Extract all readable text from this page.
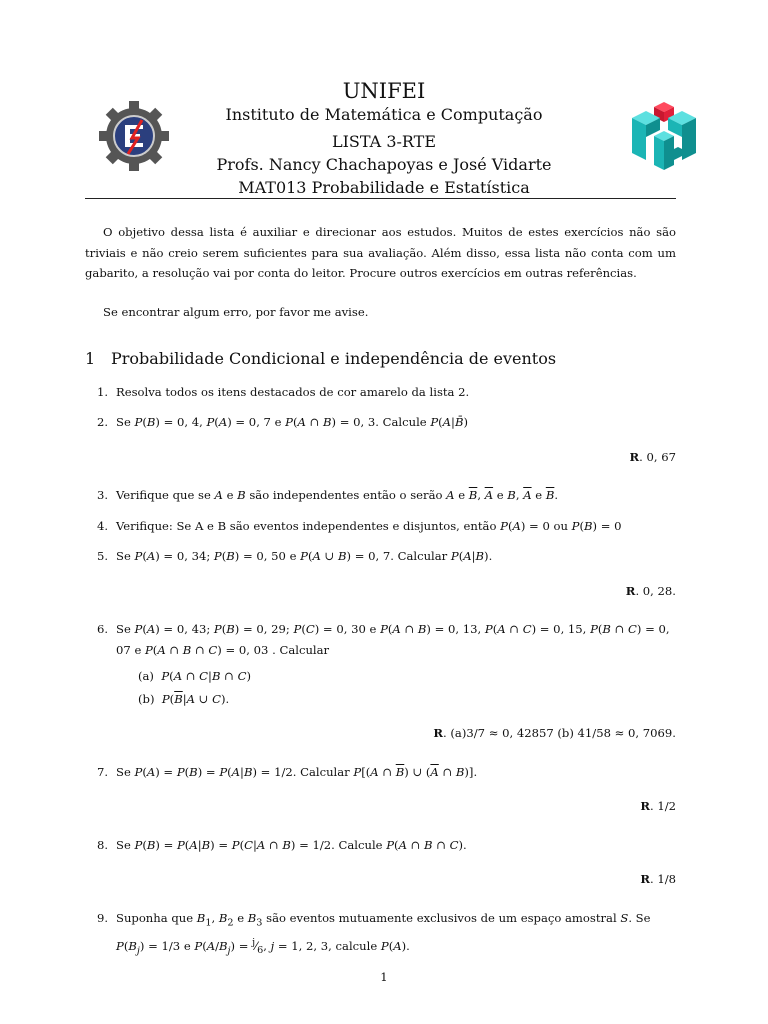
UNIFEI
Instituto de Matemática e Computação
LISTA 3-RTE
Profs. Nancy Chachapoyas e José Vidarte
MAT013 Probabilidade e Estatística

O objetivo dessa lista é auxiliar e direcionar aos estudos. Muitos de estes exercícios não são triviais e não creio serem suficientes para sua avaliação. Além disso, essa lista não conta com um gabarito, a resolução vai por conta do leitor. Procure outros exercícios em outras referências.

Se encontrar algum erro, por favor me avise.

1 Probabilidade Condicional e independência de eventos
1. Resolva todos os itens destacados de cor amarelo da lista 2.
2. Se P(B) = 0, 4, P(A) = 0, 7 e P(A ∩ B) = 0, 3. Calcule P(A|B̄)
R. 0, 67
3. Verifique que se A e B são independentes então o serão A e $\overline{B}$, $\overline{A}$ e B, $\overline{A}$ e $\overline{B}$.
4. Verifique: Se A e B são eventos independentes e disjuntos, então P(A) = 0 ou P(B) = 0
5. Se P(A) = 0, 34; P(B) = 0, 50 e P(A ∪ B) = 0, 7. Calcular P(A|B).
R. 0, 28.
6. Se P(A) = 0, 43; P(B) = 0, 29; P(C) = 0, 30 e P(A ∩ B) = 0, 13, P(A ∩ C) = 0, 15, P(B ∩ C) = 0, 07 e P(A ∩ B ∩ C) = 0, 03 . Calcular
(a)  P(A ∩ C|B ∩ C)
(b)  $P(\overline{B}|A$ ∪ C).
R. (a)3/7 ≈ 0, 42857 (b) 41/58 ≈ 0, 7069.
7. Se P(A) = P(B) = P(A|B) = 1/2. Calcular P[(A ∩ $\overline{B}$) ∪ ($\overline{A}$ ∩ B)].
R. 1/2
8. Se P(B) = P(A|B) = P(C|A ∩ B) = 1/2. Calcule P(A ∩ B ∩ C).
R. 1/8
9. Suponha que $B_1$, $B_2$ e $B_3$ são eventos mutuamente exclusivos de um espaço amostral S. Se $P(B_j) = 1/3$ e $P(A/B_j)$ = $^j⁄_6$, j = 1, 2, 3, calcule P(A).
1
